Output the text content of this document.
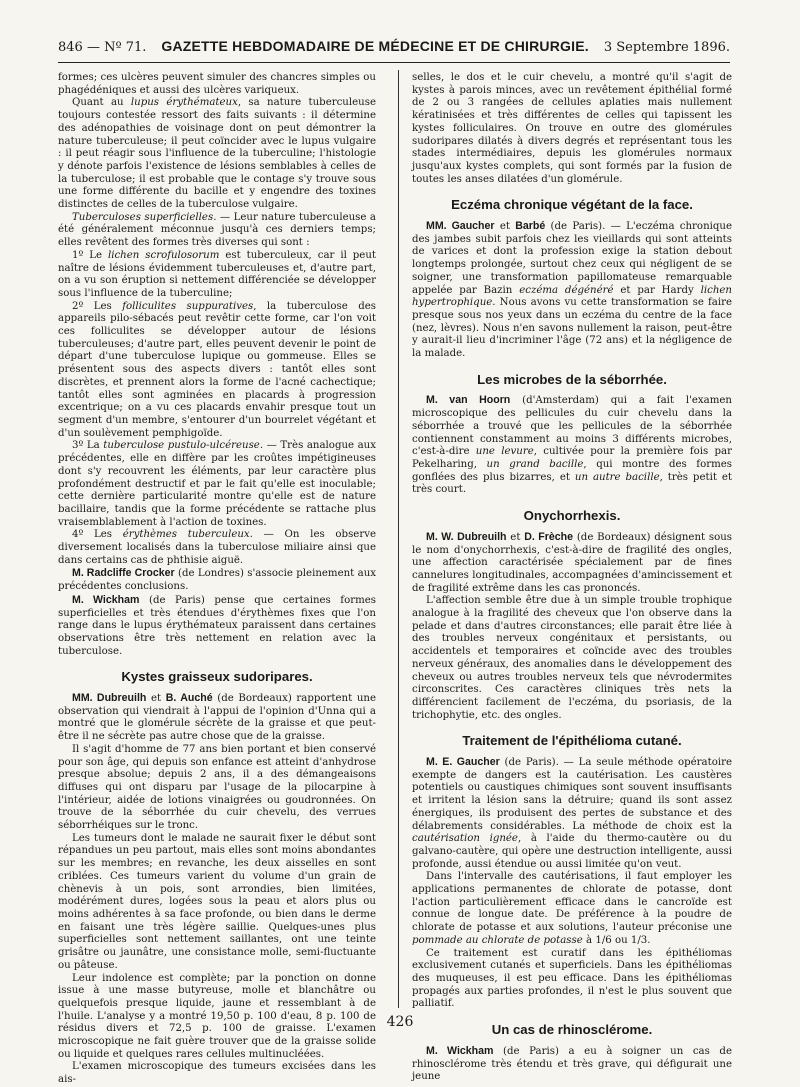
846 — Nº 71. GAZETTE HEBDOMADAIRE DE MÉDECINE ET DE CHIRURGIE. 3 Septembre 1896.

formes; ces ulcères peuvent simuler des chancres simples ou phagédéniques et aussi des ulcères variqueux.

Quant au lupus érythémateux, sa nature tuberculeuse toujours contestée ressort des faits suivants : il détermine des adénopathies de voisinage dont on peut démontrer la nature tuberculeuse; il peut coïncider avec le lupus vulgaire : il peut réagir sous l'influence de la tuberculine; l'histologie y dénote parfois l'existence de lésions semblables à celles de la tuberculose; il est probable que le contage s'y trouve sous une forme différente du bacille et y engendre des toxines distinctes de celles de la tuberculose vulgaire.

Tuberculoses superficielles. — Leur nature tuberculeuse a été généralement méconnue jusqu'à ces derniers temps; elles revêtent des formes très diverses qui sont :

1º Le lichen scrofulosorum est tuberculeux, car il peut naître de lésions évidemment tuberculeuses et, d'autre part, on a vu son éruption si nettement différenciée se développer sous l'influence de la tuberculine;

2º Les folliculites suppuratives, la tuberculose des appareils pilo-sébacés peut revêtir cette forme, car l'on voit ces folliculites se développer autour de lésions tuberculeuses; d'autre part, elles peuvent devenir le point de départ d'une tuberculose lupique ou gommeuse. Elles se présentent sous des aspects divers : tantôt elles sont discrètes, et prennent alors la forme de l'acné cachectique; tantôt elles sont agminées en placards à progression excentrique; on a vu ces placards envahir presque tout un segment d'un membre, s'entourer d'un bourrelet végétant et d'un soulèvement pemphigoïde.

3º La tuberculose pustulo-ulcéreuse. — Très analogue aux précédentes, elle en diffère par les croûtes impétigineuses dont s'y recouvrent les éléments, par leur caractère plus profondément destructif et par le fait qu'elle est inoculable; cette dernière particularité montre qu'elle est de nature bacillaire, tandis que la forme précédente se rattache plus vraisemblablement à l'action de toxines.

4º Les érythèmes tuberculeux. — On les observe diversement localisés dans la tuberculose miliaire ainsi que dans certains cas de phthisie aiguë.

M. Radcliffe Crocker (de Londres) s'associe pleinement aux précédentes conclusions.

M. Wickham (de Paris) pense que certaines formes superficielles et très étendues d'érythèmes fixes que l'on range dans le lupus érythémateux paraissent dans certaines observations être très nettement en relation avec la tuberculose.

Kystes graisseux sudoripares.

MM. Dubreuilh et B. Auché (de Bordeaux) rapportent une observation qui viendrait à l'appui de l'opinion d'Unna qui a montré que le glomérule sécrète de la graisse et que peut-être il ne sécrète pas autre chose que de la graisse.

Il s'agit d'homme de 77 ans bien portant et bien conservé pour son âge, qui depuis son enfance est atteint d'anhydrose presque absolue; depuis 2 ans, il a des démangeaisons diffuses qui ont disparu par l'usage de la pilocarpine à l'intérieur, aidée de lotions vinaigrées ou goudronnées. On trouve de la séborrhée du cuir chevelu, des verrues séborrhéiques sur le tronc.

Les tumeurs dont le malade ne saurait fixer le début sont répandues un peu partout, mais elles sont moins abondantes sur les membres; en revanche, les deux aisselles en sont criblées. Ces tumeurs varient du volume d'un grain de chènevis à un pois, sont arrondies, bien limitées, modérément dures, logées sous la peau et alors plus ou moins adhérentes à sa face profonde, ou bien dans le derme en faisant une très légère saillie. Quelques-unes plus superficielles sont nettement saillantes, ont une teinte grisâtre ou jaunâtre, une consistance molle, semi-fluctuante ou pâteuse.

Leur indolence est complète; par la ponction on donne issue à une masse butyreuse, molle et blanchâtre ou quelquefois presque liquide, jaune et ressemblant à de l'huile. L'analyse y a montré 19,50 p. 100 d'eau, 8 p. 100 de résidus divers et 72,5 p. 100 de graisse. L'examen microscopique ne fait guère trouver que de la graisse solide ou liquide et quelques rares cellules multinucléées.

L'examen microscopique des tumeurs excisées dans les ais-

selles, le dos et le cuir chevelu, a montré qu'il s'agit de kystes à parois minces, avec un revêtement épithélial formé de 2 ou 3 rangées de cellules aplaties mais nullement kératinisées et très différentes de celles qui tapissent les kystes folliculaires. On trouve en outre des glomérules sudoripares dilatés à divers degrés et représentant tous les stades intermédiaires, depuis les glomérules normaux jusqu'aux kystes complets, qui sont formés par la fusion de toutes les anses dilatées d'un glomérule.

Eczéma chronique végétant de la face.

MM. Gaucher et Barbé (de Paris). — L'eczéma chronique des jambes subit parfois chez les vieillards qui sont atteints de varices et dont la profession exige la station debout longtemps prolongée, surtout chez ceux qui négligent de se soigner, une transformation papillomateuse remarquable appelée par Bazin eczéma dégénéré et par Hardy lichen hypertrophique. Nous avons vu cette transformation se faire presque sous nos yeux dans un eczéma du centre de la face (nez, lèvres). Nous n'en savons nullement la raison, peut-être y aurait-il lieu d'incriminer l'âge (72 ans) et la négligence de la malade.

Les microbes de la séborrhée.

M. van Hoorn (d'Amsterdam) qui a fait l'examen microscopique des pellicules du cuir chevelu dans la séborrhée a trouvé que les pellicules de la séborrhée contiennent constamment au moins 3 différents microbes, c'est-à-dire une levure, cultivée pour la première fois par Pekelharing, un grand bacille, qui montre des formes gonflées des plus bizarres, et un autre bacille, très petit et très court.

Onychorrhexis.

M. W. Dubreuilh et D. Frèche (de Bordeaux) désignent sous le nom d'onychorrhexis, c'est-à-dire de fragilité des ongles, une affection caractérisée spécialement par de fines cannelures longitudinales, accompagnées d'amincissement et de fragilité extrême dans les cas prononcés.

L'affection semble être due à un simple trouble trophique analogue à la fragilité des cheveux que l'on observe dans la pelade et dans d'autres circonstances; elle parait être liée à des troubles nerveux congénitaux et persistants, ou accidentels et temporaires et coïncide avec des troubles nerveux généraux, des anomalies dans le développement des cheveux ou autres troubles nerveux tels que névrodermites circonscrites. Ces caractères cliniques très nets la différencient facilement de l'eczéma, du psoriasis, de la trichophytie, etc. des ongles.

Traitement de l'épithélioma cutané.

M. E. Gaucher (de Paris). — La seule méthode opératoire exempte de dangers est la cautérisation. Les caustères potentiels ou caustiques chimiques sont souvent insuffisants et irritent la lésion sans la détruire; quand ils sont assez énergiques, ils produisent des pertes de substance et des délabrements considérables. La méthode de choix est la cautérisation ignée, à l'aide du thermo-cautère ou du galvano-cautère, qui opère une destruction intelligente, aussi profonde, aussi étendue ou aussi limitée qu'on veut.

Dans l'intervalle des cautérisations, il faut employer les applications permanentes de chlorate de potasse, dont l'action particulièrement efficace dans le cancroïde est connue de longue date. De préférence à la poudre de chlorate de potasse et aux solutions, l'auteur préconise une pommade au chlorate de potasse à 1/6 ou 1/3.

Ce traitement est curatif dans les épithéliomas exclusivement cutanés et superficiels. Dans les épithéliomas des muqueuses, il est peu efficace. Dans les épithéliomas propagés aux parties profondes, il n'est le plus souvent que palliatif.

Un cas de rhinosclérome.

M. Wickham (de Paris) a eu à soigner un cas de rhinosclérome très étendu et très grave, qui défigurait une jeune

426
